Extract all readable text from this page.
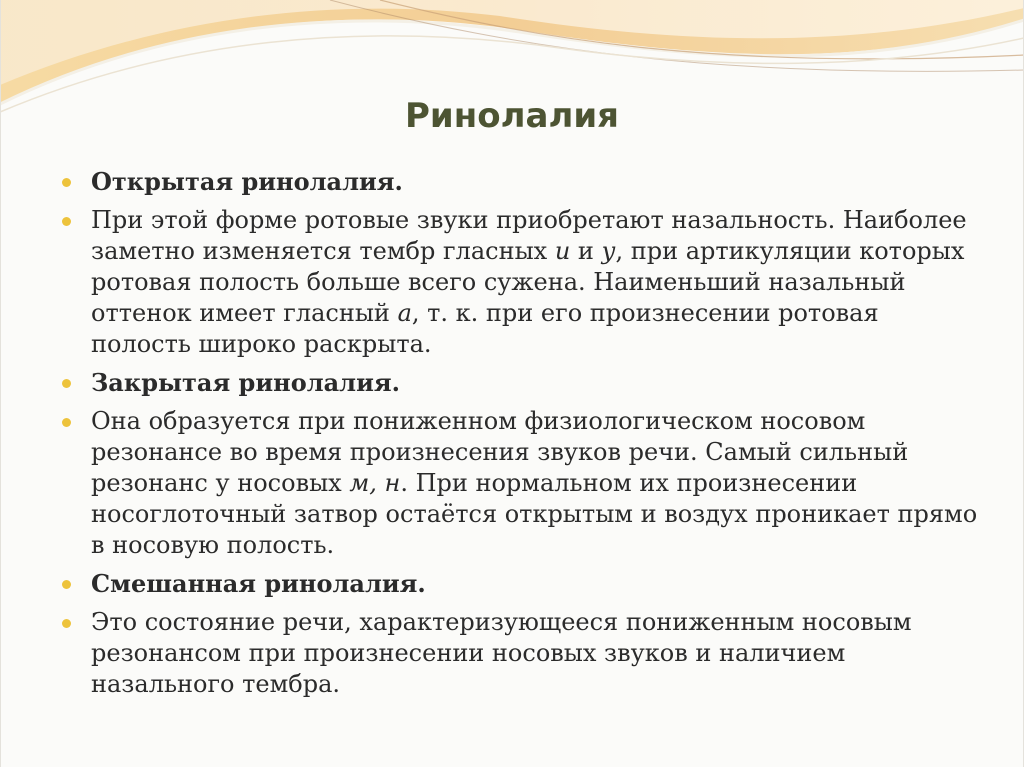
Ринолалия
Открытая ринолалия.
При этой форме ротовые звуки приобретают назальность. Наиболее заметно изменяется тембр гласных и и у, при артикуляции которых ротовая полость больше всего сужена. Наименьший назальный оттенок имеет гласный а, т. к. при его произнесении ротовая полость широко раскрыта.
Закрытая ринолалия.
Она образуется при пониженном физиологическом носовом резонансе во время произнесения звуков речи. Самый сильный резонанс у носовых м, н. При нормальном их произнесении носоглоточный затвор остаётся открытым и воздух проникает прямо в носовую полость.
Смешанная ринолалия.
Это состояние речи, характеризующееся пониженным носовым резонансом при произнесении носовых звуков и наличием назального тембра.
